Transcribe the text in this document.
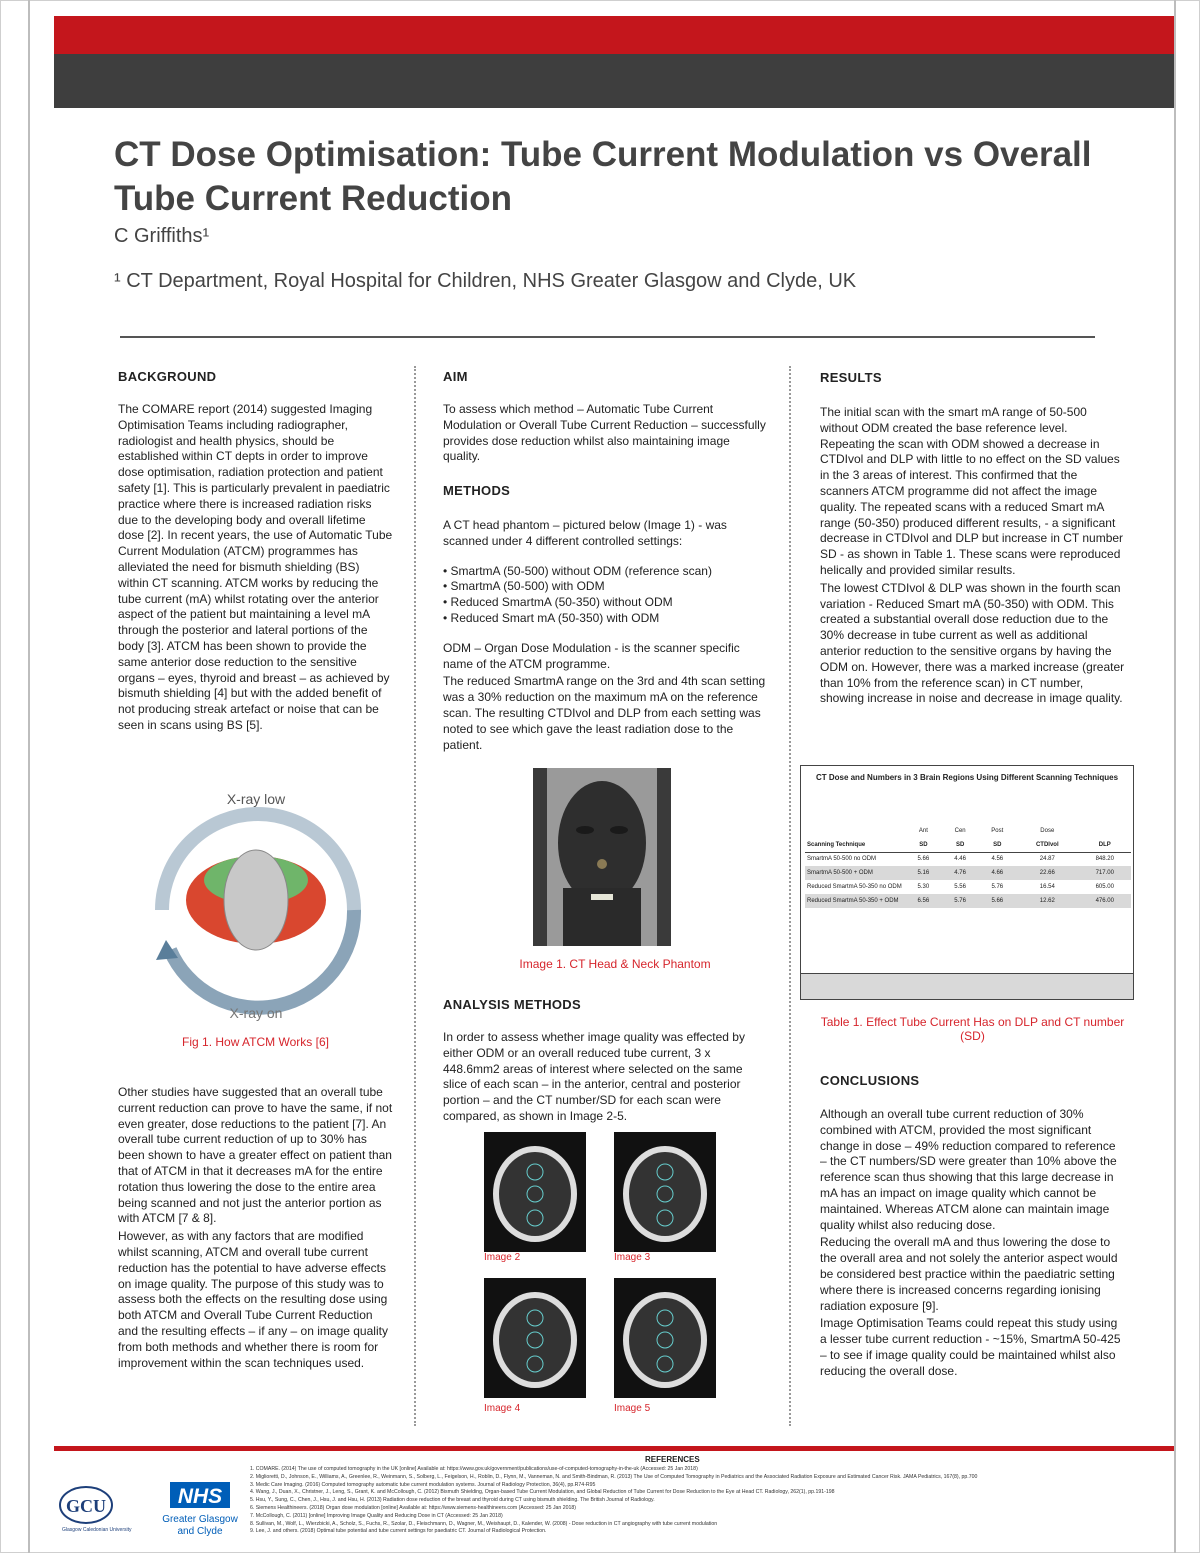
CT Dose Optimisation: Tube Current Modulation vs Overall Tube Current Reduction
C Griffiths¹
¹ CT Department, Royal Hospital for Children, NHS Greater Glasgow and Clyde, UK
BACKGROUND

The COMARE report (2014) suggested Imaging Optimisation Teams including radiographer, radiologist and health physics, should be established within CT depts in order to improve dose optimisation, radiation protection and patient safety [1]. This is particularly prevalent in paediatric practice where there is increased radiation risks due to the developing body and overall lifetime dose [2]. In recent years, the use of Automatic Tube Current Modulation (ATCM) programmes has alleviated the need for bismuth shielding (BS) within CT scanning. ATCM works by reducing the tube current (mA) whilst rotating over the anterior aspect of the patient but maintaining a level mA through the posterior and lateral portions of the body [3]. ATCM has been shown to provide the same anterior dose reduction to the sensitive organs – eyes, thyroid and breast – as achieved by bismuth shielding [4] but with the added benefit of not producing streak artefact or noise that can be seen in scans using BS [5].

X-ray low
X-ray on
Fig 1. How ATCM Works [6]

Other studies have suggested that an overall tube current reduction can prove to have the same, if not even greater, dose reductions to the patient [7]. An overall tube current reduction of up to 30% has been shown to have a greater effect on patient than that of ATCM in that it decreases mA for the entire rotation thus lowering the dose to the entire area being scanned and not just the anterior portion as with ATCM [7 & 8].

However, as with any factors that are modified whilst scanning, ATCM and overall tube current reduction has the potential to have adverse effects on image quality. The purpose of this study was to assess both the effects on the resulting dose using both ATCM and Overall Tube Current Reduction and the resulting effects – if any – on image quality from both methods and whether there is room for improvement within the scan techniques used.

AIM
To assess which method – Automatic Tube Current Modulation or Overall Tube Current Reduction – successfully provides dose reduction whilst also maintaining image quality.
METHODS

A CT head phantom – pictured below (Image 1) - was scanned under 4 different controlled settings:

• SmartmA (50-500) without ODM (reference scan)
• SmartmA (50-500) with ODM
• Reduced SmartmA (50-350) without ODM
• Reduced Smart mA (50-350) with ODM

ODM – Organ Dose Modulation - is the scanner specific name of the ATCM programme.

The reduced SmartmA range on the 3rd and 4th scan setting was a 30% reduction on the maximum mA on the reference scan. The resulting CTDIvol and DLP from each setting was noted to see which gave the least radiation dose to the patient.

Image 1. CT Head & Neck Phantom
ANALYSIS METHODS
In order to assess whether image quality was effected by either ODM or an overall reduced tube current, 3 x 448.6mm2 areas of interest where selected on the same slice of each scan – in the anterior, central and posterior portion – and the CT number/SD for each scan were compared, as shown in Image 2-5.
Image 2	Image 3
Image 4	Image 5
RESULTS

The initial scan with the smart mA range of 50-500 without ODM created the base reference level. Repeating the scan with ODM showed a decrease in CTDIvol and DLP with little to no effect on the SD values in the 3 areas of interest. This confirmed that the scanners ATCM programme did not affect the image quality. The repeated scans with a reduced Smart mA range (50-350) produced different results, - a significant decrease in CTDIvol and DLP but increase in CT number SD - as shown in Table 1. These scans were reproduced helically and provided similar results.

The lowest CTDIvol & DLP was shown in the fourth scan variation - Reduced Smart mA (50-350) with ODM. This created a substantial overall dose reduction due to the 30% decrease in tube current as well as additional anterior reduction to the sensitive organs by having the ODM on. However, there was a marked increase (greater than 10% from the reference scan) in CT number, showing increase in noise and decrease in image quality.

CT Dose and Numbers in 3 Brain Regions Using Different Scanning Techniques
	Ant	Cen	Post	Dose	
Scanning Technique	SD	SD	SD	CTDIvol	DLP
SmartmA 50-500 no ODM	5.66	4.46	4.56	24.87	848.20
SmartmA 50-500 + ODM	5.16	4.76	4.66	22.66	717.00
Reduced SmartmA 50-350 no ODM	5.30	5.56	5.76	16.54	605.00
Reduced SmartmA 50-350 + ODM	6.56	5.76	5.66	12.62	476.00
Table 1. Effect Tube Current Has on DLP and CT number (SD)
CONCLUSIONS

Although an overall tube current reduction of 30% combined with ATCM, provided the most significant change in dose – 49% reduction compared to reference – the CT numbers/SD were greater than 10% above the reference scan thus showing that this large decrease in mA has an impact on image quality which cannot be maintained. Whereas ATCM alone can maintain image quality whilst also reducing dose.

Reducing the overall mA and thus lowering the dose to the overall area and not solely the anterior aspect would be considered best practice within the paediatric setting where there is increased concerns regarding ionising radiation exposure [9].

Image Optimisation Teams could repeat this study using a lesser tube current reduction - ~15%, SmartmA 50-425 – to see if image quality could be maintained whilst also reducing the overall dose.

REFERENCES
1. COMARE. (2014) The use of computed tomography in the UK [online] Available at: https://www.gov.uk/government/publications/use-of-computed-tomography-in-the-uk (Accessed: 25 Jan 2018)
2. Miglioretti, D., Johnson, E., Williams, A., Greenlee, R., Weinmann, S., Solberg, L., Feigelson, H., Roblin, D., Flynn, M., Vanneman, N. and Smith-Bindman, R. (2013) The Use of Computed Tomography in Pediatrics and the Associated Radiation Exposure and Estimated Cancer Risk. JAMA Pediatrics, 167(8), pp.700
3. Medic Care Imaging. (2016) Computed tomography automatic tube current modulation systems. Journal of Radiology Protection, 36(4), pp.R74-R95
4. Wang, J., Duan, X., Christner, J., Leng, S., Grant, K. and McCollough, C. (2012) Bismuth Shielding, Organ-based Tube Current Modulation, and Global Reduction of Tube Current for Dose Reduction to the Eye at Head CT. Radiology, 262(1), pp.191-198
5. Hsu, Y., Sung, C., Chen, J., Hsu, J. and Hsu, H. (2013) Radiation dose reduction of the breast and thyroid during CT using bismuth shielding. The British Journal of Radiology.
6. Siemens Healthineers. (2018) Organ dose modulation [online] Available at: https://www.siemens-healthineers.com (Accessed: 25 Jan 2018)
7. McCollough, C. (2011) [online] Improving Image Quality and Reducing Dose in CT (Accessed: 25 Jan 2018)
8. Sullivan, M., Wolf, L., Wierzbicki, A., Scholz, S., Fuchs, R., Szolar, D., Fleischmann, D., Wagner, M., Weishaupt, D., Kalender, W. (2008) - Dose reduction in CT angiography with tube current modulation
9. Lee, J. and others. (2018) Optimal tube potential and tube current settings for paediatric CT. Journal of Radiological Protection.
GCU
Glasgow Caledonian University
NHS
Greater Glasgow
and Clyde
